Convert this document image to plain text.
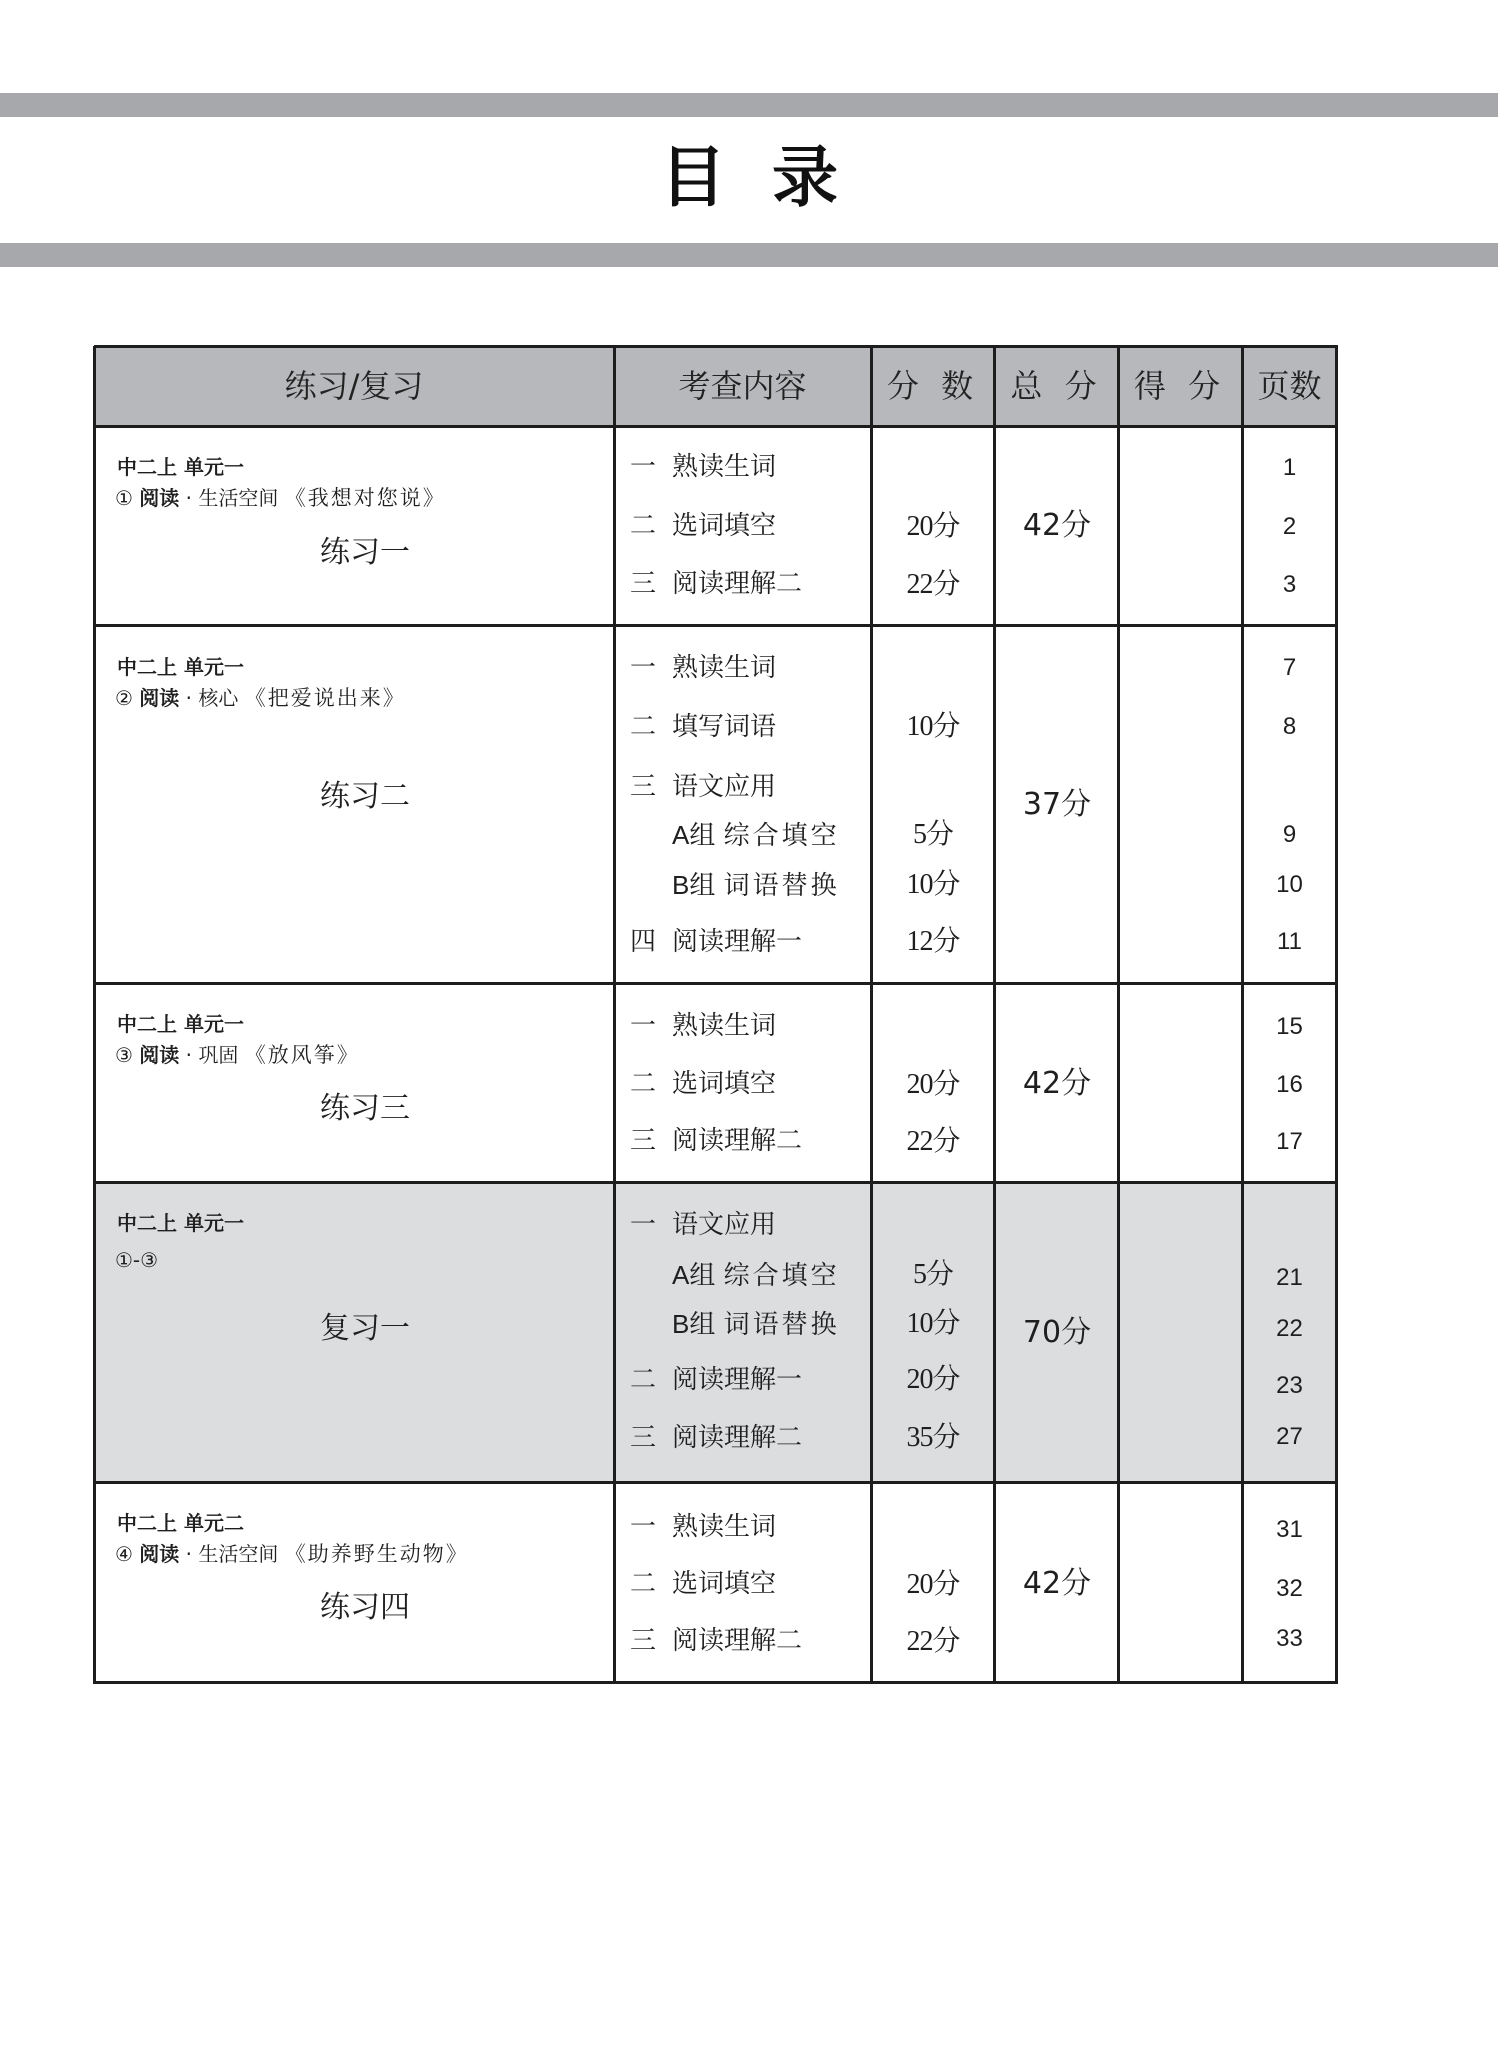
目录
练习/复习	考查内容	分 数 总 分 得 分 页数
中二上 单元一
① 阅读 · 生活空间 《我想对您说》
练习一
一 熟读生词
二 选词填空
三 阅读理解二
20分
22分
42分
1
2
3
中二上 单元一
② 阅读 · 核心 《把爱说出来》
练习二
一 熟读生词
二 填写词语
三 语文应用
A组 综合填空
B组 词语替换
四 阅读理解一
10分
5分
10分
12分
37分
7
8
9
10
11
中二上 单元一
③ 阅读 · 巩固 《放风筝》
练习三
一 熟读生词
二 选词填空
三 阅读理解二
20分
22分
42分
15
16
17
中二上 单元一
①-③
复习一
一 语文应用
A组 综合填空
B组 词语替换
二 阅读理解一
三 阅读理解二
5分
10分
20分
35分
70分
21
22
23
27
中二上 单元二
④ 阅读 · 生活空间 《助养野生动物》
练习四
一 熟读生词
二 选词填空
三 阅读理解二
20分
22分
42分
31
32
33
